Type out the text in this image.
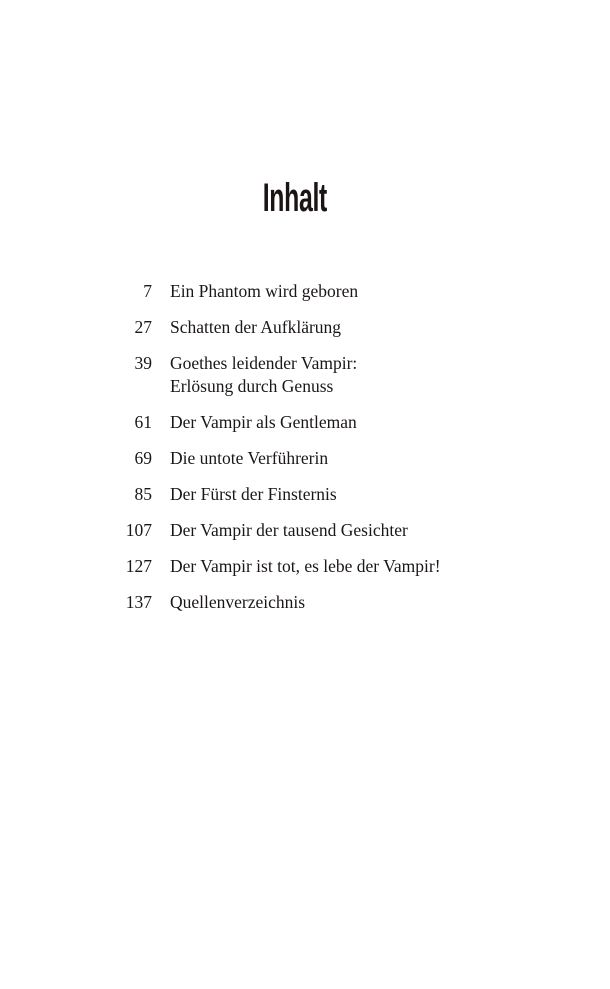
Inhalt
7 Ein Phantom wird geboren
27 Schatten der Aufklärung
39 Goethes leidender Vampir:
Erlösung durch Genuss
61 Der Vampir als Gentleman
69 Die untote Verführerin
85 Der Fürst der Finsternis
107 Der Vampir der tausend Gesichter
127 Der Vampir ist tot, es lebe der Vampir!
137 Quellenverzeichnis
